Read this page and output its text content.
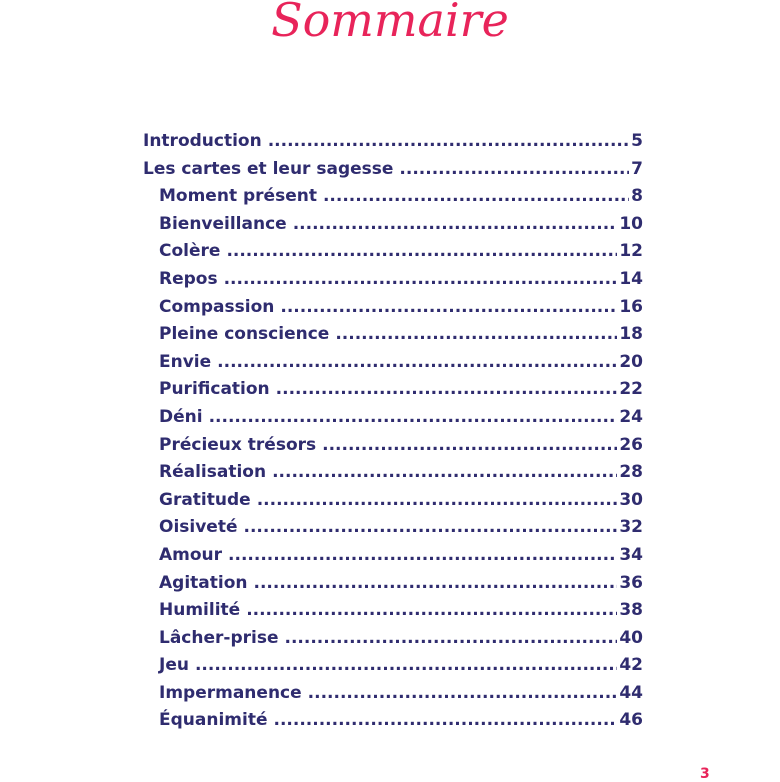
Sommaire
Introduction .....	5
Les cartes et leur sagesse .....	7
Moment présent .....	8
Bienveillance .....	10
Colère .....	12
Repos .....	14
Compassion .....	16
Pleine conscience .....	18
Envie .....	20
Purification .....	22
Déni .....	24
Précieux trésors .....	26
Réalisation .....	28
Gratitude .....	30
Oisiveté .....	32
Amour .....	34
Agitation .....	36
Humilité .....	38
Lâcher-prise .....	40
Jeu .....	42
Impermanence .....	44
Équanimité .....	46
3
